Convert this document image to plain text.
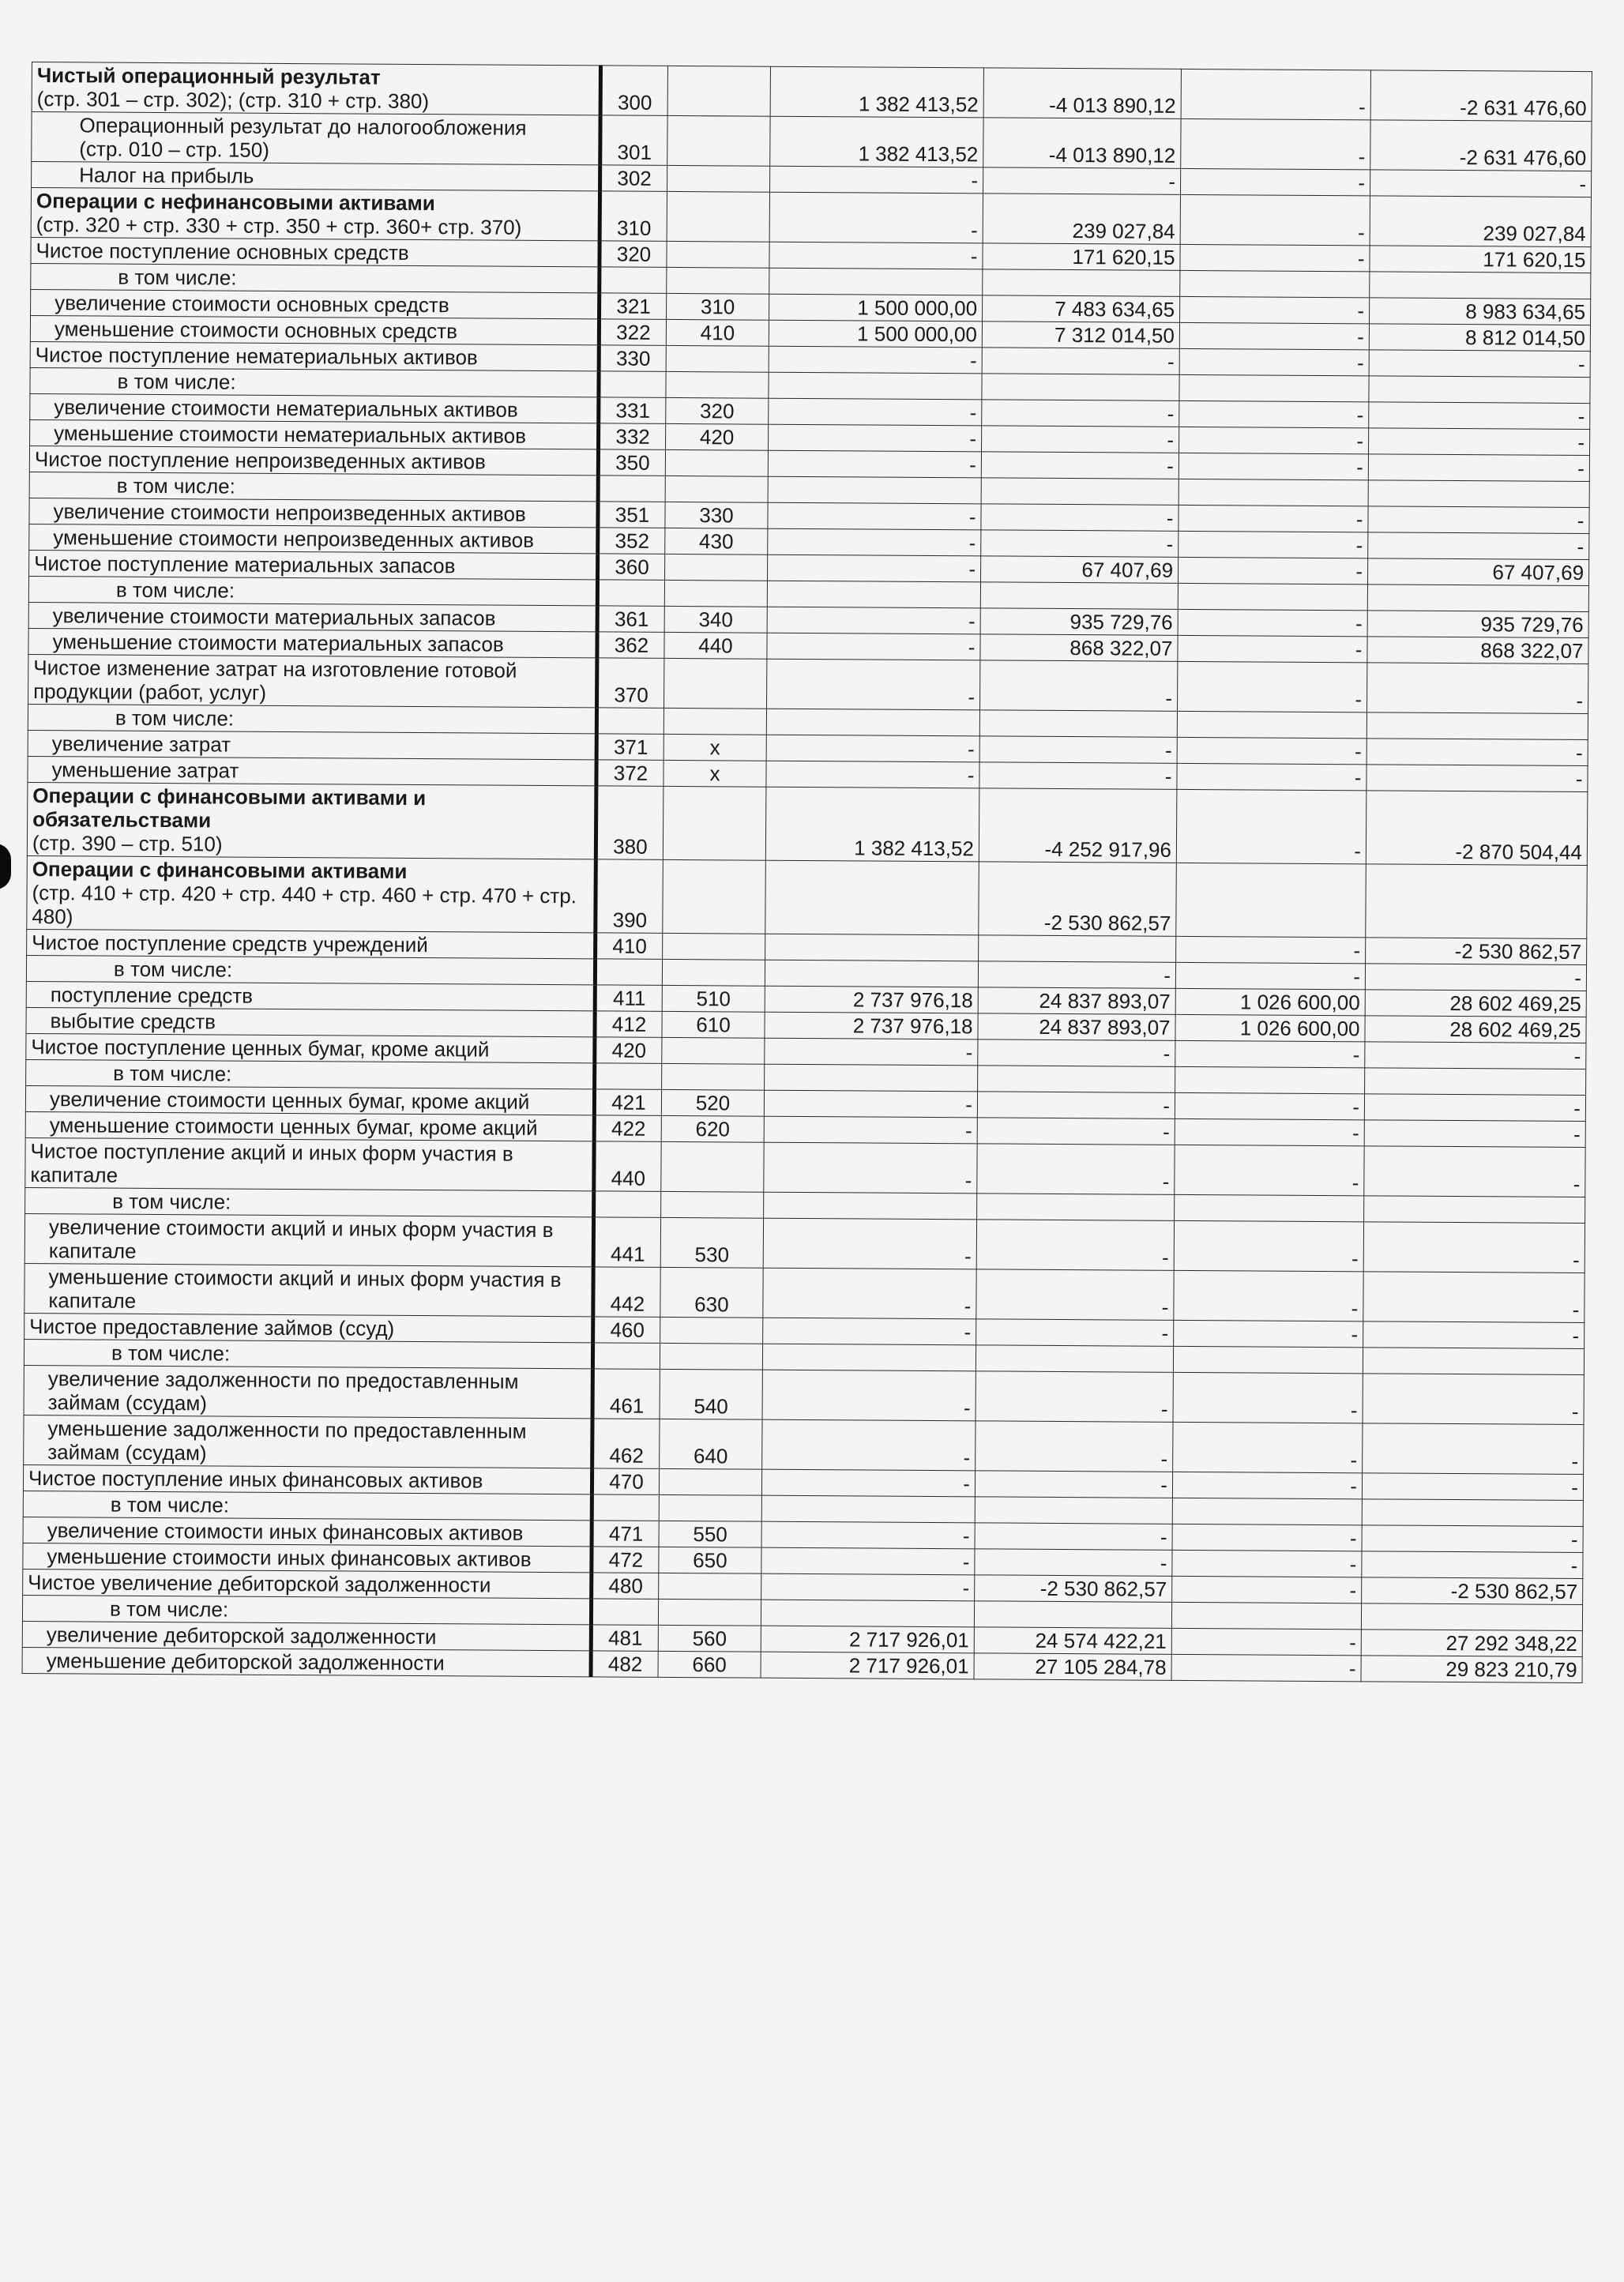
Чистый операционный результат
(стр. 301 – стр. 302); (стр. 310 + стр. 380)	300		1 382 413,52	-4 013 890,12	-	-2 631 476,60
Операционный результат до налогообложения
(стр. 010 – стр. 150)	301		1 382 413,52	-4 013 890,12	-	-2 631 476,60
Налог на прибыль	302		-	-	-	-
Операции с нефинансовыми активами
(стр. 320 + стр. 330 + стр. 350 + стр. 360+ стр. 370)	310		-	239 027,84	-	239 027,84
Чистое поступление основных средств	320		-	171 620,15	-	171 620,15
в том числе:						
увеличение стоимости основных средств	321	310	1 500 000,00	7 483 634,65	-	8 983 634,65
уменьшение стоимости основных средств	322	410	1 500 000,00	7 312 014,50	-	8 812 014,50
Чистое поступление нематериальных активов	330		-	-	-	-
в том числе:						
увеличение стоимости нематериальных активов	331	320	-	-	-	-
уменьшение стоимости нематериальных активов	332	420	-	-	-	-
Чистое поступление непроизведенных активов	350		-	-	-	-
в том числе:						
увеличение стоимости непроизведенных активов	351	330	-	-	-	-
уменьшение стоимости непроизведенных активов	352	430	-	-	-	-
Чистое поступление материальных запасов	360		-	67 407,69	-	67 407,69
в том числе:						
увеличение стоимости материальных запасов	361	340	-	935 729,76	-	935 729,76
уменьшение стоимости материальных запасов	362	440	-	868 322,07	-	868 322,07
Чистое изменение затрат на изготовление готовой продукции (работ, услуг)	370		-	-	-	-
в том числе:						
увеличение затрат	371	x	-	-	-	-
уменьшение затрат	372	x	-	-	-	-
Операции с финансовыми активами и обязательствами
(стр. 390 – стр. 510)	380		1 382 413,52	-4 252 917,96	-	-2 870 504,44
Операции с финансовыми активами
(стр. 410 + стр. 420 + стр. 440 + стр. 460 + стр. 470 + стр. 480)	390			-2 530 862,57		
Чистое поступление средств учреждений	410				-	-2 530 862,57
в том числе:				-	-	-
поступление средств	411	510	2 737 976,18	24 837 893,07	1 026 600,00	28 602 469,25
выбытие средств	412	610	2 737 976,18	24 837 893,07	1 026 600,00	28 602 469,25
Чистое поступление ценных бумаг, кроме акций	420		-	-	-	-
в том числе:						
увеличение стоимости ценных бумаг, кроме акций	421	520	-	-	-	-
уменьшение стоимости ценных бумаг, кроме акций	422	620	-	-	-	-
Чистое поступление акций и иных форм участия в капитале	440		-	-	-	-
в том числе:						
увеличение стоимости акций и иных форм участия в капитале	441	530	-	-	-	-
уменьшение стоимости акций и иных форм участия в капитале	442	630	-	-	-	-
Чистое предоставление займов (ссуд)	460		-	-	-	-
в том числе:						
увеличение задолженности по предоставленным займам (ссудам)	461	540	-	-	-	-
уменьшение задолженности по предоставленным займам (ссудам)	462	640	-	-	-	-
Чистое поступление иных финансовых активов	470		-	-	-	-
в том числе:						
увеличение стоимости иных финансовых активов	471	550	-	-	-	-
уменьшение стоимости иных финансовых активов	472	650	-	-	-	-
Чистое увеличение дебиторской задолженности	480		-	-2 530 862,57	-	-2 530 862,57
в том числе:						
увеличение дебиторской задолженности	481	560	2 717 926,01	24 574 422,21	-	27 292 348,22
уменьшение дебиторской задолженности	482	660	2 717 926,01	27 105 284,78	-	29 823 210,79
